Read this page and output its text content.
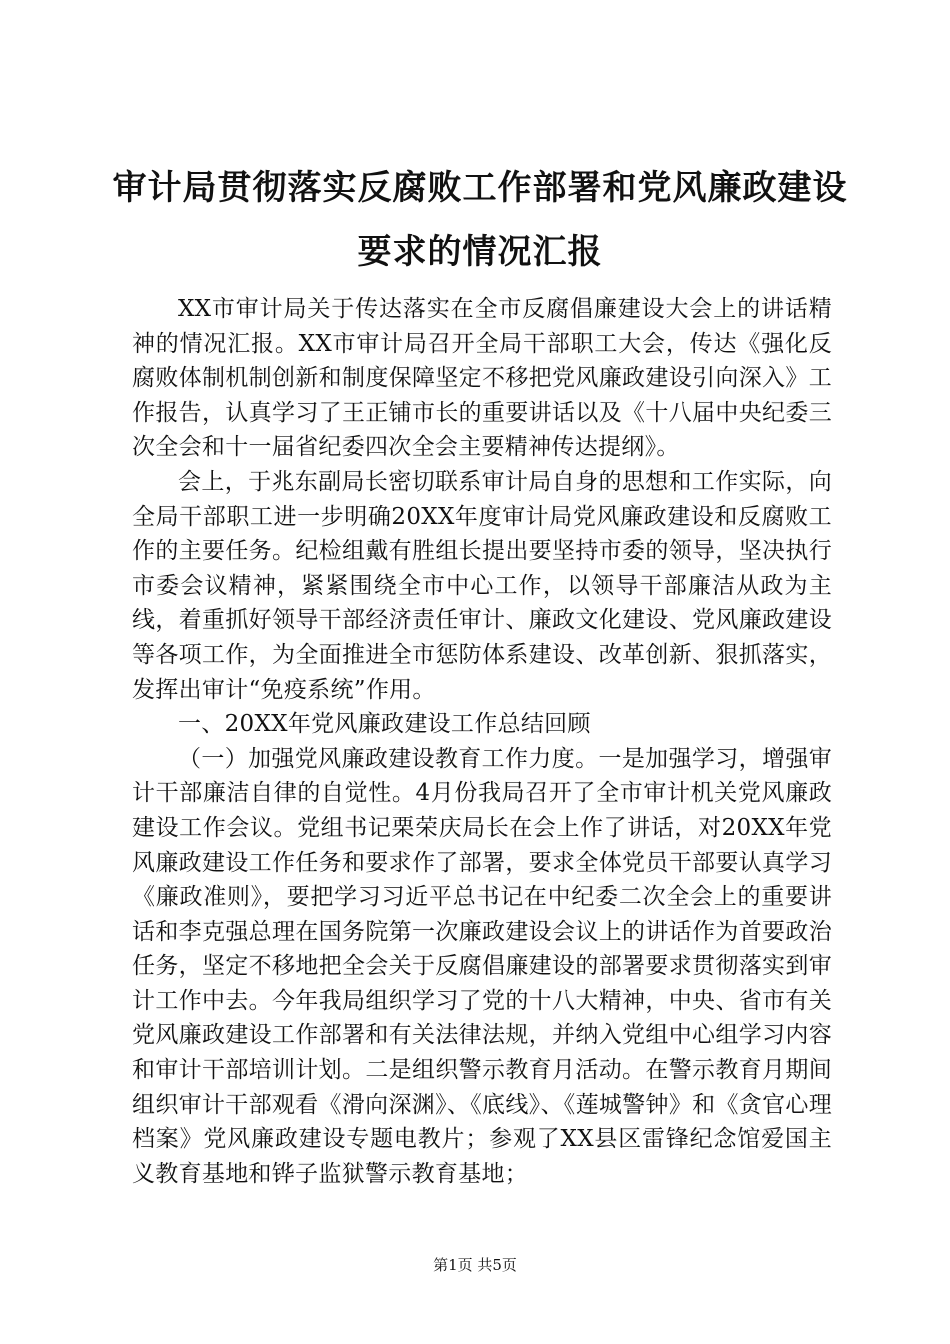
审计局贯彻落实反腐败工作部署和党风廉政建设要求的情况汇报

XX市审计局关于传达落实在全市反腐倡廉建设大会上的讲话精神的情况汇报。XX市审计局召开全局干部职工大会，传达《强化反腐败体制机制创新和制度保障坚定不移把党风廉政建设引向深入》工作报告，认真学习了王正铺市长的重要讲话以及《十八届中央纪委三次全会和十一届省纪委四次全会主要精神传达提纲》。

会上，于兆东副局长密切联系审计局自身的思想和工作实际，向全局干部职工进一步明确20XX年度审计局党风廉政建设和反腐败工作的主要任务。纪检组戴有胜组长提出要坚持市委的领导，坚决执行市委会议精神，紧紧围绕全市中心工作，以领导干部廉洁从政为主线，着重抓好领导干部经济责任审计、廉政文化建设、党风廉政建设等各项工作，为全面推进全市惩防体系建设、改革创新、狠抓落实，发挥出审计“免疫系统”作用。

一、20XX年党风廉政建设工作总结回顾

（一）加强党风廉政建设教育工作力度。一是加强学习，增强审计干部廉洁自律的自觉性。4月份我局召开了全市审计机关党风廉政建设工作会议。党组书记栗荣庆局长在会上作了讲话，对20XX年党风廉政建设工作任务和要求作了部署，要求全体党员干部要认真学习《廉政准则》，要把学习习近平总书记在中纪委二次全会上的重要讲话和李克强总理在国务院第一次廉政建设会议上的讲话作为首要政治任务，坚定不移地把全会关于反腐倡廉建设的部署要求贯彻落实到审计工作中去。今年我局组织学习了党的十八大精神，中央、省市有关党风廉政建设工作部署和有关法律法规，并纳入党组中心组学习内容和审计干部培训计划。二是组织警示教育月活动。在警示教育月期间组织审计干部观看《滑向深渊》、《底线》、《莲城警钟》和《贪官心理档案》党风廉政建设专题电教片；参观了XX县区雷锋纪念馆爱国主义教育基地和铧子监狱警示教育基地；

第1页 共5页
